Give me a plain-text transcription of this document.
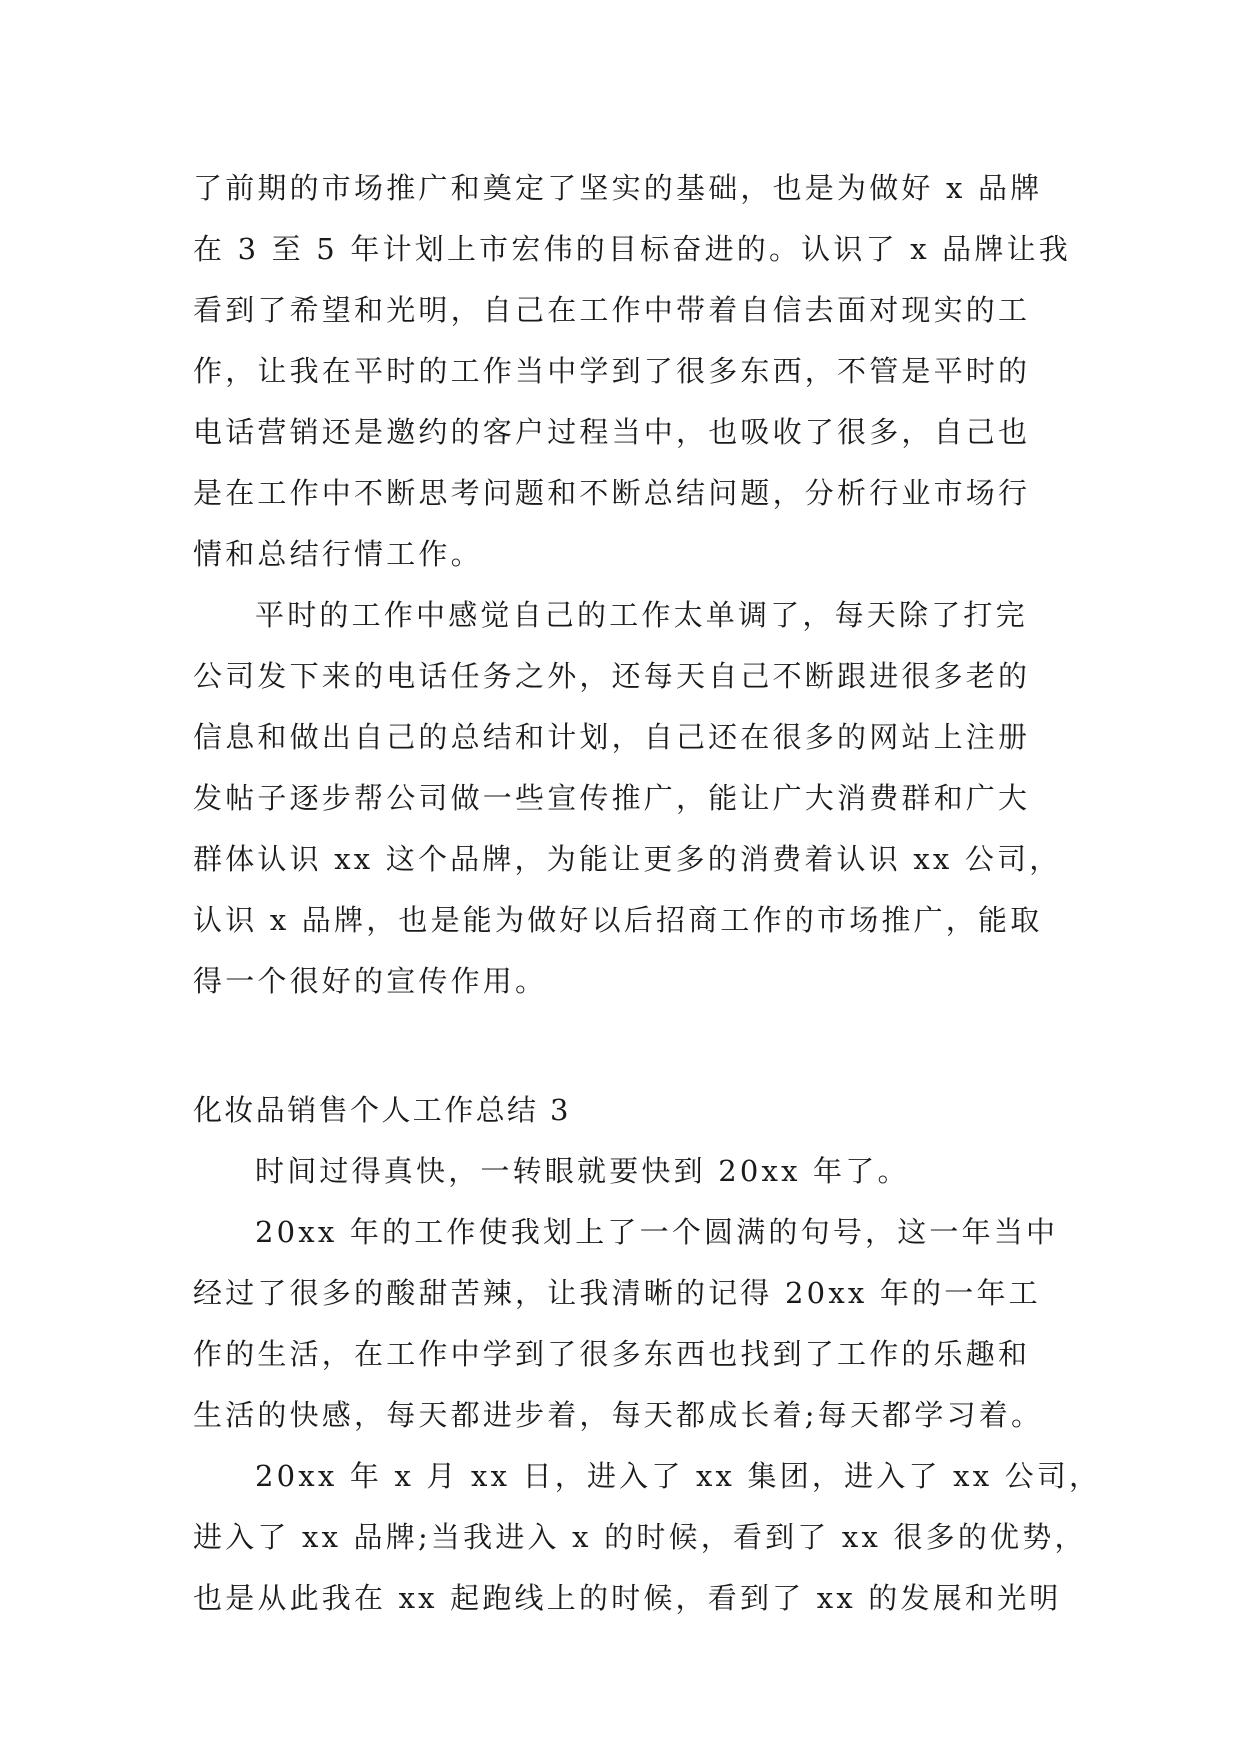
了前期的市场推广和奠定了坚实的基础，也是为做好 x 品牌
在 3 至 5 年计划上市宏伟的目标奋进的。认识了 x 品牌让我
看到了希望和光明，自己在工作中带着自信去面对现实的工
作，让我在平时的工作当中学到了很多东西，不管是平时的
电话营销还是邀约的客户过程当中，也吸收了很多，自己也
是在工作中不断思考问题和不断总结问题，分析行业市场行
情和总结行情工作。
平时的工作中感觉自己的工作太单调了，每天除了打完
公司发下来的电话任务之外，还每天自己不断跟进很多老的
信息和做出自己的总结和计划，自己还在很多的网站上注册
发帖子逐步帮公司做一些宣传推广，能让广大消费群和广大
群体认识 xx 这个品牌，为能让更多的消费着认识 xx 公司，
认识 x 品牌，也是能为做好以后招商工作的市场推广，能取
得一个很好的宣传作用。
化妆品销售个人工作总结 3
时间过得真快，一转眼就要快到 20xx 年了。
20xx 年的工作使我划上了一个圆满的句号，这一年当中
经过了很多的酸甜苦辣，让我清晰的记得 20xx 年的一年工
作的生活，在工作中学到了很多东西也找到了工作的乐趣和
生活的快感，每天都进步着，每天都成长着;每天都学习着。
20xx 年 x 月 xx 日，进入了 xx 集团，进入了 xx 公司，
进入了 xx 品牌;当我进入 x 的时候，看到了 xx 很多的优势，
也是从此我在 xx 起跑线上的时候，看到了 xx 的发展和光明
